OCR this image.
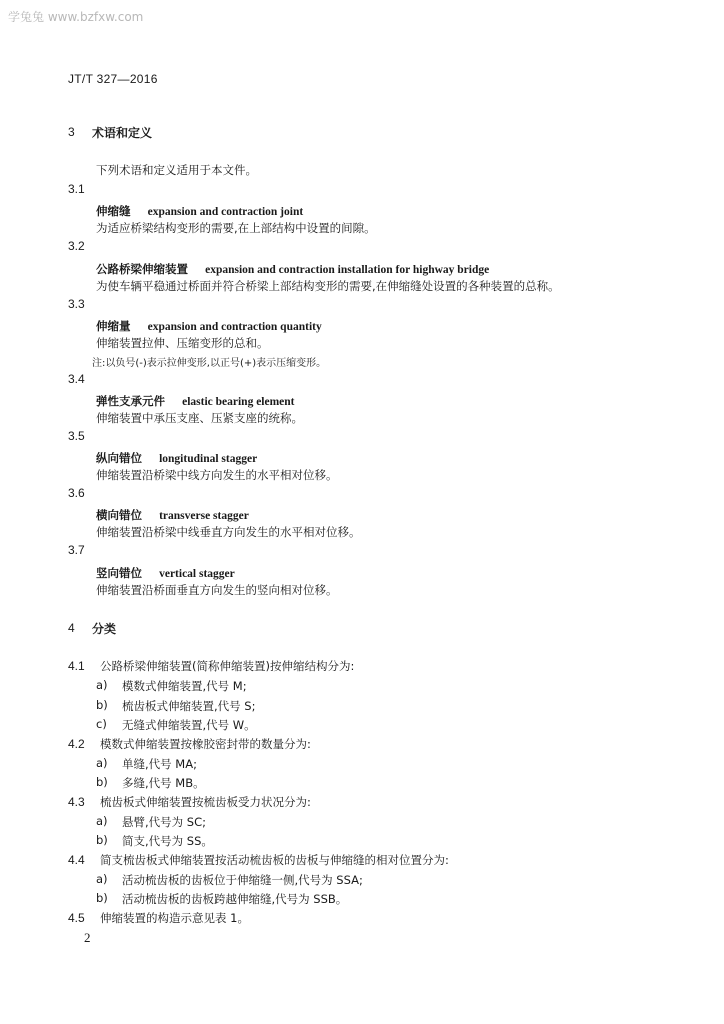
学兔兔 www.bzfxw.com
JT/T 327—2016
3 术语和定义
下列术语和定义适用于本文件。
3.1
伸缩缝 expansion and contraction joint
为适应桥梁结构变形的需要,在上部结构中设置的间隙。
3.2
公路桥梁伸缩装置 expansion and contraction installation for highway bridge
为使车辆平稳通过桥面并符合桥梁上部结构变形的需要,在伸缩缝处设置的各种装置的总称。
3.3
伸缩量 expansion and contraction quantity
伸缩装置拉伸、压缩变形的总和。
注:以负号(-)表示拉伸变形,以正号(+)表示压缩变形。
3.4
弹性支承元件 elastic bearing element
伸缩装置中承压支座、压紧支座的统称。
3.5
纵向错位 longitudinal stagger
伸缩装置沿桥梁中线方向发生的水平相对位移。
3.6
横向错位 transverse stagger
伸缩装置沿桥梁中线垂直方向发生的水平相对位移。
3.7
竖向错位 vertical stagger
伸缩装置沿桥面垂直方向发生的竖向相对位移。
4 分类
4.1 公路桥梁伸缩装置(简称伸缩装置)按伸缩结构分为:
a) 模数式伸缩装置,代号 M;
b) 梳齿板式伸缩装置,代号 S;
c) 无缝式伸缩装置,代号 W。
4.2 模数式伸缩装置按橡胶密封带的数量分为:
a) 单缝,代号 MA;
b) 多缝,代号 MB。
4.3 梳齿板式伸缩装置按梳齿板受力状况分为:
a) 悬臂,代号为 SC;
b) 简支,代号为 SS。
4.4 简支梳齿板式伸缩装置按活动梳齿板的齿板与伸缩缝的相对位置分为:
a) 活动梳齿板的齿板位于伸缩缝一侧,代号为 SSA;
b) 活动梳齿板的齿板跨越伸缩缝,代号为 SSB。
4.5 伸缩装置的构造示意见表 1。
2
